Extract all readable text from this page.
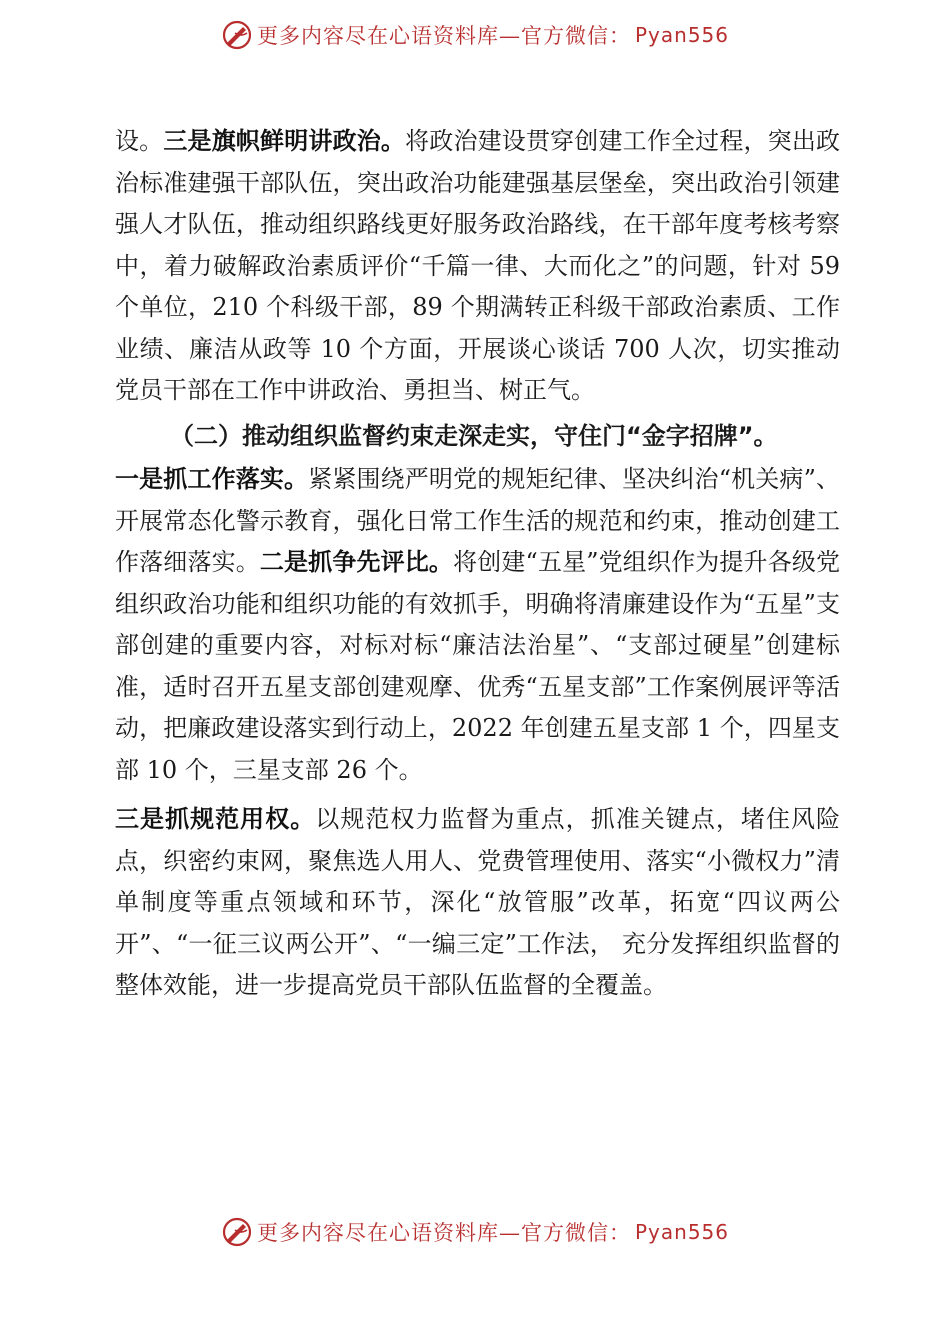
更多内容尽在心语资料库—官方微信： Pyan556

设。三是旗帜鲜明讲政治。将政治建设贯穿创建工作全过程，突出政治标准建强干部队伍，突出政治功能建强基层堡垒，突出政治引领建强人才队伍，推动组织路线更好服务政治路线，在干部年度考核考察中，着力破解政治素质评价“千篇一律、大而化之”的问题，针对 59 个单位，210 个科级干部，89 个期满转正科级干部政治素质、工作业绩、廉洁从政等 10 个方面，开展谈心谈话 700 人次，切实推动党员干部在工作中讲政治、勇担当、树正气。

（二）推动组织监督约束走深走实，守住门“金字招牌”。

一是抓工作落实。紧紧围绕严明党的规矩纪律、坚决纠治“机关病”、开展常态化警示教育，强化日常工作生活的规范和约束，推动创建工作落细落实。二是抓争先评比。将创建“五星”党组织作为提升各级党组织政治功能和组织功能的有效抓手，明确将清廉建设作为“五星”支部创建的重要内容，对标对标“廉洁法治星”、“支部过硬星”创建标准，适时召开五星支部创建观摩、优秀“五星支部”工作案例展评等活动，把廉政建设落实到行动上，2022 年创建五星支部 1 个，四星支部 10 个，三星支部 26 个。

三是抓规范用权。以规范权力监督为重点，抓准关键点，堵住风险点，织密约束网，聚焦选人用人、党费管理使用、落实“小微权力”清单制度等重点领域和环节，深化“放管服”改革，拓宽“四议两公开”、“一征三议两公开”、“一编三定”工作法， 充分发挥组织监督的整体效能，进一步提高党员干部队伍监督的全覆盖。

更多内容尽在心语资料库—官方微信： Pyan556
